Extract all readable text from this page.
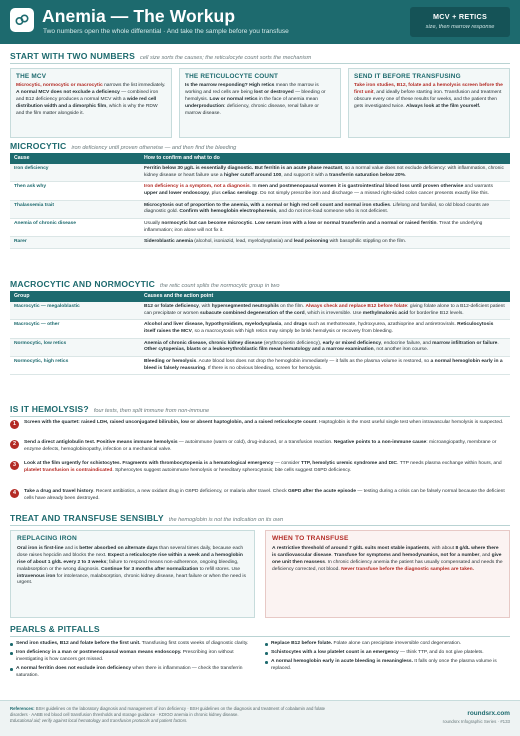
Anemia — The Workup
Two numbers open the whole differential · And take the sample before you transfuse
MCV + RETICS
size, then marrow response
START WITH TWO NUMBERS cell size sorts the causes; the reticulocyte count sorts the mechanism
THE MCV

Microcytic, normocytic or macrocytic narrows the list immediately. A normal MCV does not exclude a deficiency — combined iron and B12 deficiency produces a normal MCV with a wide red cell distribution width and a dimorphic film, which is why the RDW and the film matter alongside it.

THE RETICULOCYTE COUNT

Is the marrow responding? High retics mean the marrow is working and red cells are being lost or destroyed — bleeding or hemolysis. Low or normal retics in the face of anemia mean underproduction: deficiency, chronic disease, renal failure or marrow disease.

SEND IT BEFORE TRANSFUSING

Take iron studies, B12, folate and a hemolysis screen before the first unit, and ideally before starting iron. Transfusion and treatment obscure every one of these results for weeks, and the patient then gets investigated twice. Always look at the film yourself.

MICROCYTIC iron deficiency until proven otherwise — and then find the bleeding
Cause	How to confirm and what to do
Iron deficiency	Ferritin below 30 µg/L is essentially diagnostic. But ferritin is an acute phase reactant, so a normal value does not exclude deficiency: with inflammation, chronic kidney disease or heart failure use a higher cutoff around 100, and support it with a transferrin saturation below 20%.
Then ask why	Iron deficiency is a symptom, not a diagnosis. In men and postmenopausal women it is gastrointestinal blood loss until proven otherwise and warrants upper and lower endoscopy, plus celiac serology. Do not simply prescribe iron and discharge — a missed right-sided colon cancer presents exactly like this.
Thalassemia trait	Microcytosis out of proportion to the anemia, with a normal or high red cell count and normal iron studies. Lifelong and familial, so old blood counts are diagnostic gold. Confirm with hemoglobin electrophoresis, and do not iron-load someone who is not deficient.
Anemia of chronic disease	Usually normocytic but can become microcytic. Low serum iron with a low or normal transferrin and a normal or raised ferritin. Treat the underlying inflammation; iron alone will not fix it.
Rarer	Sideroblastic anemia (alcohol, isoniazid, lead, myelodysplasia) and lead poisoning with basophilic stippling on the film.
MACROCYTIC AND NORMOCYTIC the retic count splits the normocytic group in two
Group	Causes and the action point
Macrocytic — megaloblastic	B12 or folate deficiency, with hypersegmented neutrophils on the film. Always check and replace B12 before folate: giving folate alone to a B12-deficient patient can precipitate or worsen subacute combined degeneration of the cord, which is irreversible. Use methylmalonic acid for borderline B12 levels.
Macrocytic — other	Alcohol and liver disease, hypothyroidism, myelodysplasia, and drugs such as methotrexate, hydroxyurea, azathioprine and antiretrovirals. Reticulocytosis itself raises the MCV, so a macrocytosis with high retics may simply be brisk hemolysis or recovery from bleeding.
Normocytic, low retics	Anemia of chronic disease, chronic kidney disease (erythropoietin deficiency), early or mixed deficiency, endocrine failure, and marrow infiltration or failure. Other cytopenias, blasts or a leukoerythroblastic film mean hematology and a marrow examination, not another iron course.
Normocytic, high retics	Bleeding or hemolysis. Acute blood loss does not drop the hemoglobin immediately — it falls as the plasma volume is restored, so a normal hemoglobin early in a bleed is falsely reassuring. If there is no obvious bleeding, screen for hemolysis.
IS IT HEMOLYSIS? four tests, then split immune from non-immune
1	Screen with the quartet: raised LDH, raised unconjugated bilirubin, low or absent haptoglobin, and a raised reticulocyte count. Haptoglobin is the most useful single test when intravascular hemolysis is suspected.
2	Send a direct antiglobulin test. Positive means immune hemolysis — autoimmune (warm or cold), drug-induced, or a transfusion reaction. Negative points to a non-immune cause: microangiopathy, membrane or enzyme defects, hemoglobinopathy, infection or a mechanical valve.
3	Look at the film urgently for schistocytes. Fragments with thrombocytopenia is a hematological emergency — consider TTP, hemolytic uremic syndrome and DIC. TTP needs plasma exchange within hours, and platelet transfusion is contraindicated. Spherocytes suggest autoimmune hemolysis or hereditary spherocytosis; bite cells suggest G6PD deficiency.
4	Take a drug and travel history. Recent antibiotics, a new oxidant drug in G6PD deficiency, or malaria after travel. Check G6PD after the acute episode — testing during a crisis can be falsely normal because the deficient cells have already been destroyed.
TREAT AND TRANSFUSE SENSIBLY the hemoglobin is not the indication on its own
REPLACING IRON

Oral iron is first-line and is better absorbed on alternate days than several times daily, because each dose raises hepcidin and blocks the next. Expect a reticulocyte rise within a week and a hemoglobin rise of about 1 g/dL every 2 to 3 weeks; failure to respond means non-adherence, ongoing bleeding, malabsorption or the wrong diagnosis. Continue for 3 months after normalization to refill stores. Use intravenous iron for intolerance, malabsorption, chronic kidney disease, heart failure or when the need is urgent.

WHEN TO TRANSFUSE

A restrictive threshold of around 7 g/dL suits most stable inpatients, with about 8 g/dL where there is cardiovascular disease. Transfuse for symptoms and hemodynamics, not for a number, and give one unit then reassess. In chronic deficiency anemia the patient has usually compensated and needs the deficiency corrected, not blood. Never transfuse before the diagnostic samples are taken.

PEARLS & PITFALLS
Send iron studies, B12 and folate before the first unit. Transfusing first costs weeks of diagnostic clarity.
Iron deficiency in a man or postmenopausal woman means endoscopy. Prescribing iron without investigating is how cancers get missed.
A normal ferritin does not exclude iron deficiency when there is inflammation — check the transferrin saturation.
Replace B12 before folate. Folate alone can precipitate irreversible cord degeneration.
Schistocytes with a low platelet count is an emergency — think TTP, and do not give platelets.
A normal hemoglobin early in acute bleeding is meaningless. It falls only once the plasma volume is replaced.
References: BSH guidelines on the laboratory diagnosis and management of iron deficiency · BSH guidelines on the diagnosis and treatment of cobalamin and folate
disorders · AABB red blood cell transfusion thresholds and storage guidance · KDIGO anemia in chronic kidney disease.
Educational aid; verify against local hematology and transfusion protocols and patient factors.
roundsrx.com
roundsrx Infographic Series · #133
